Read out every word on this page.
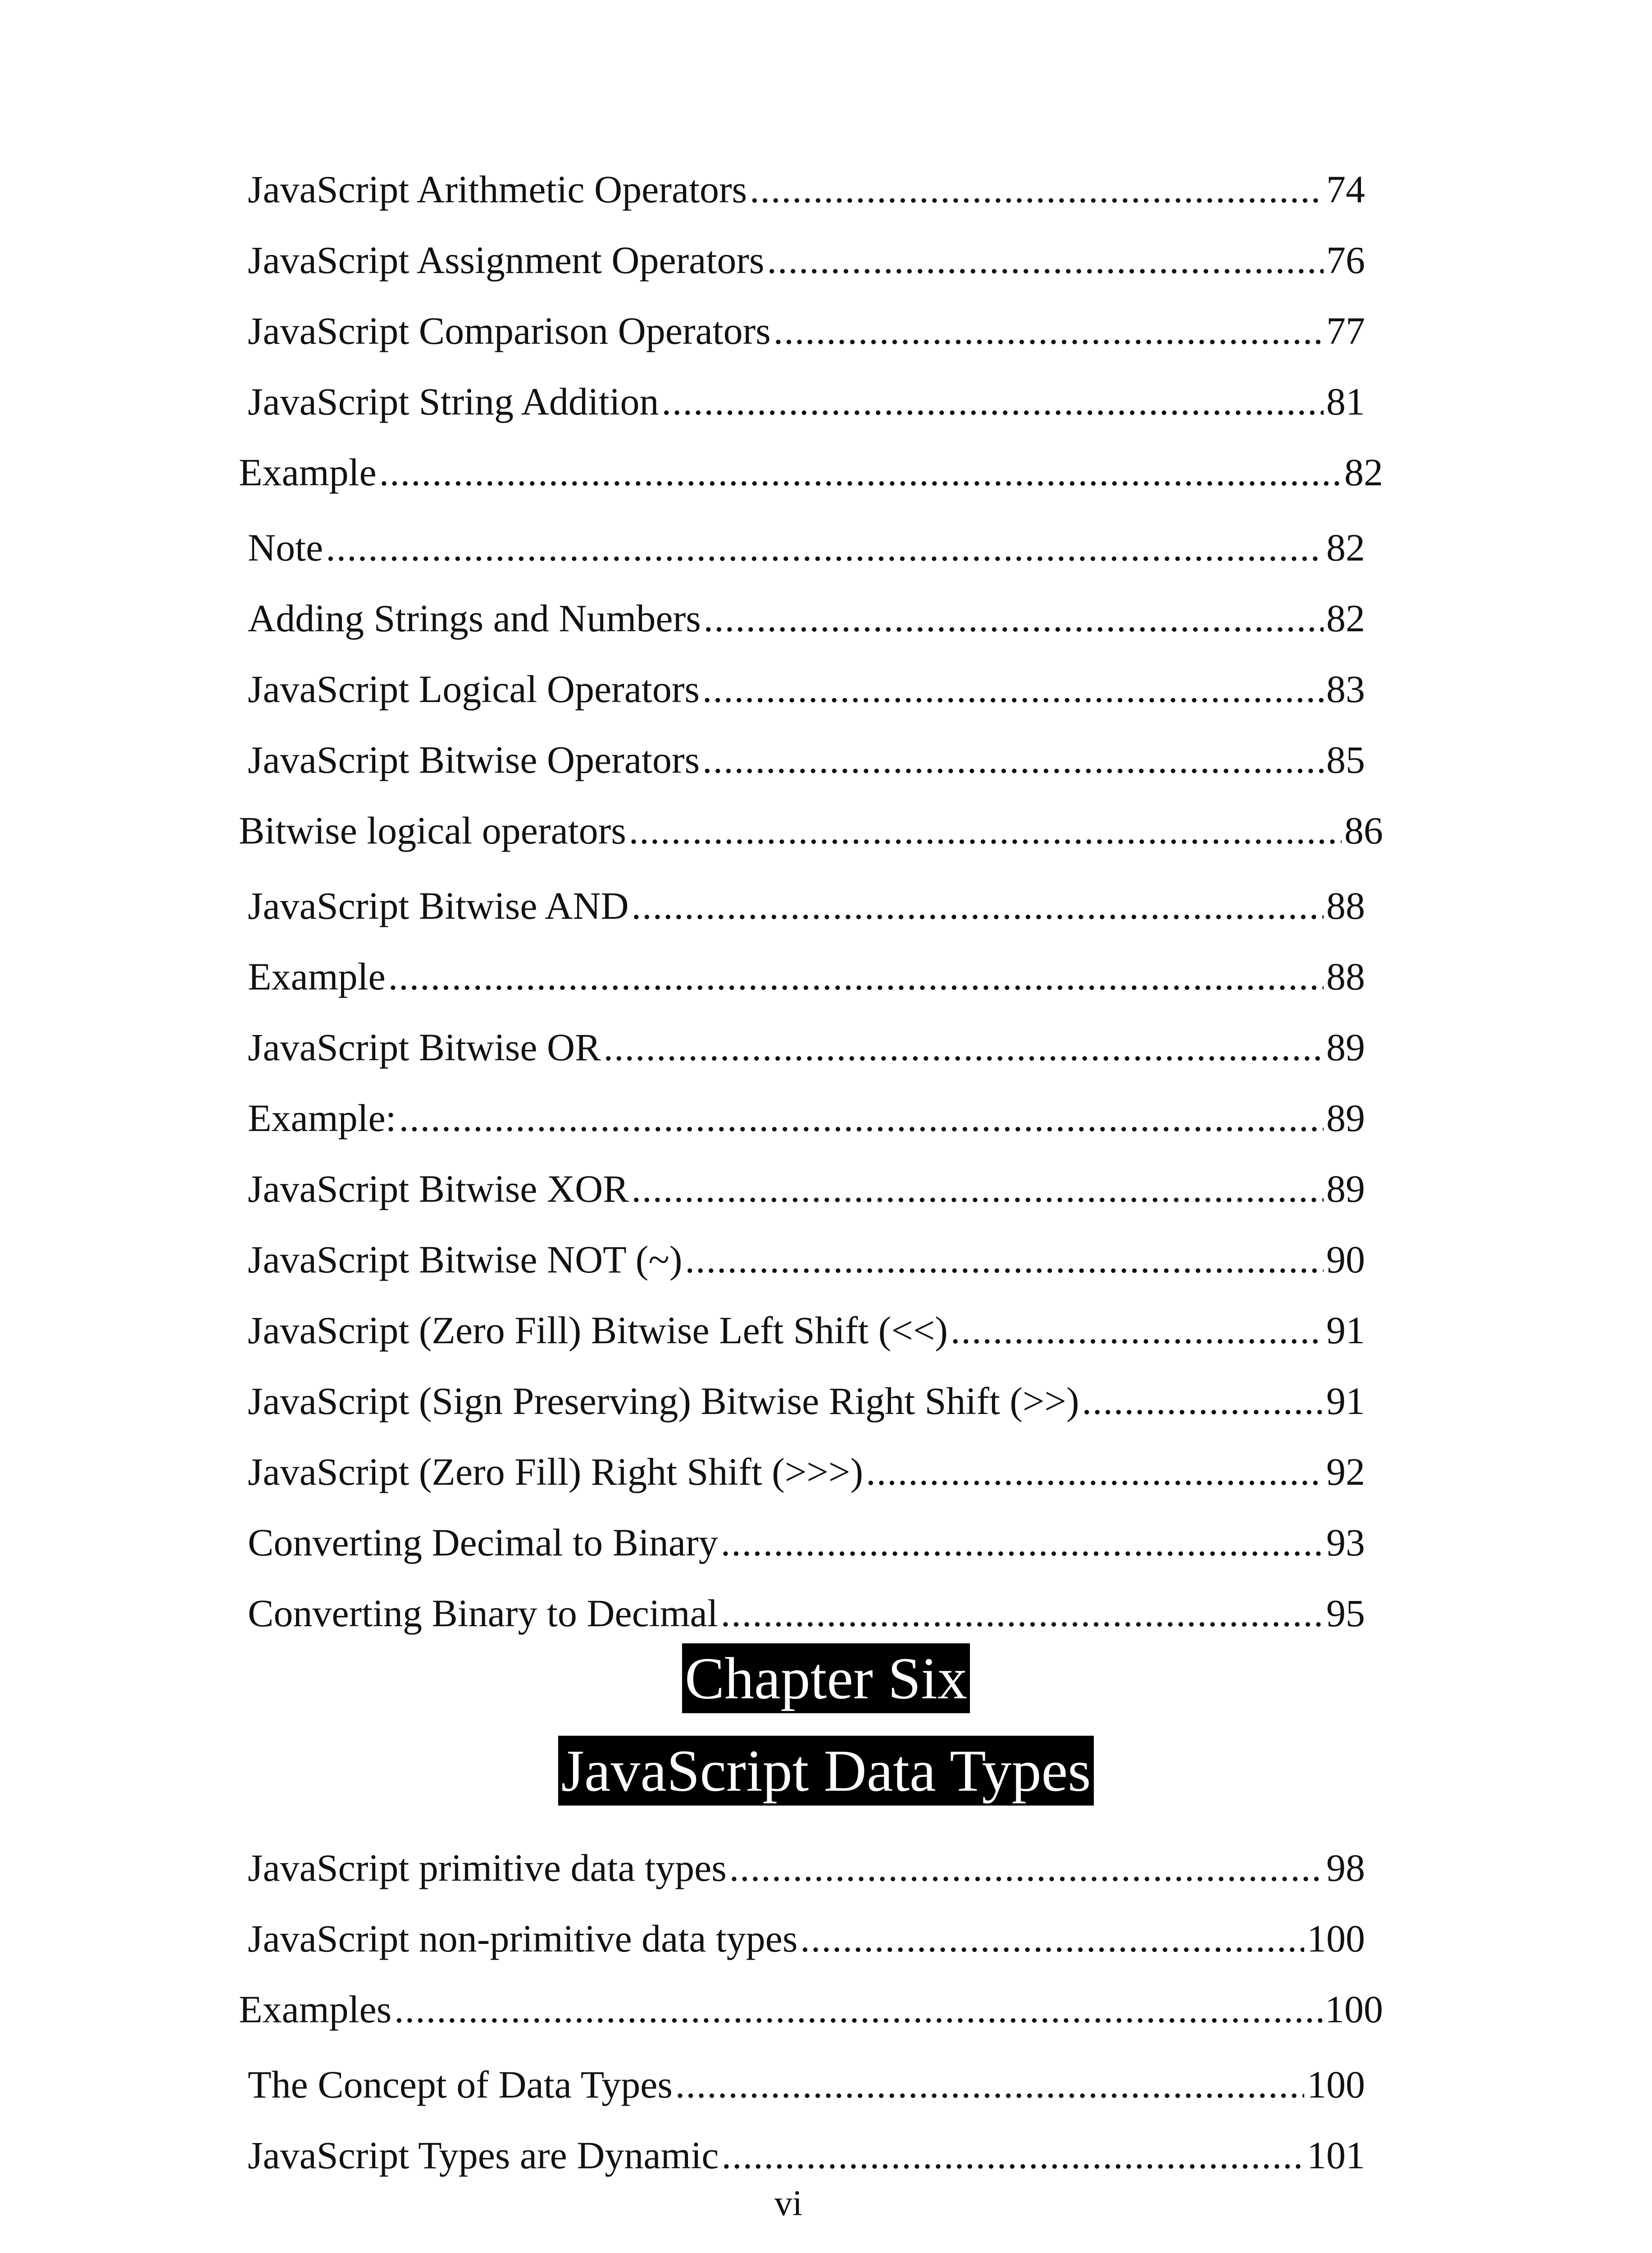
JavaScript Arithmetic Operators .....	74
JavaScript Assignment Operators .....	76
JavaScript Comparison Operators .....	77
JavaScript String Addition .....	81
Example .....	82
Note .....	82
Adding Strings and Numbers .....	82
JavaScript Logical Operators .....	83
JavaScript Bitwise Operators .....	85
Bitwise logical operators .....	86
JavaScript Bitwise AND .....	88
Example .....	88
JavaScript Bitwise OR .....	89
Example: .....	89
JavaScript Bitwise XOR .....	89
JavaScript Bitwise NOT (~) .....	90
JavaScript (Zero Fill) Bitwise Left Shift (<<) .....	91
JavaScript (Sign Preserving) Bitwise Right Shift (>>) .....	91
JavaScript (Zero Fill) Right Shift (>>>) .....	92
Converting Decimal to Binary .....	93
Converting Binary to Decimal .....	95
Chapter Six
JavaScript Data Types
JavaScript primitive data types .....	98
JavaScript non-primitive data types .....	100
Examples .....	100
The Concept of Data Types .....	100
JavaScript Types are Dynamic .....	101
vi
